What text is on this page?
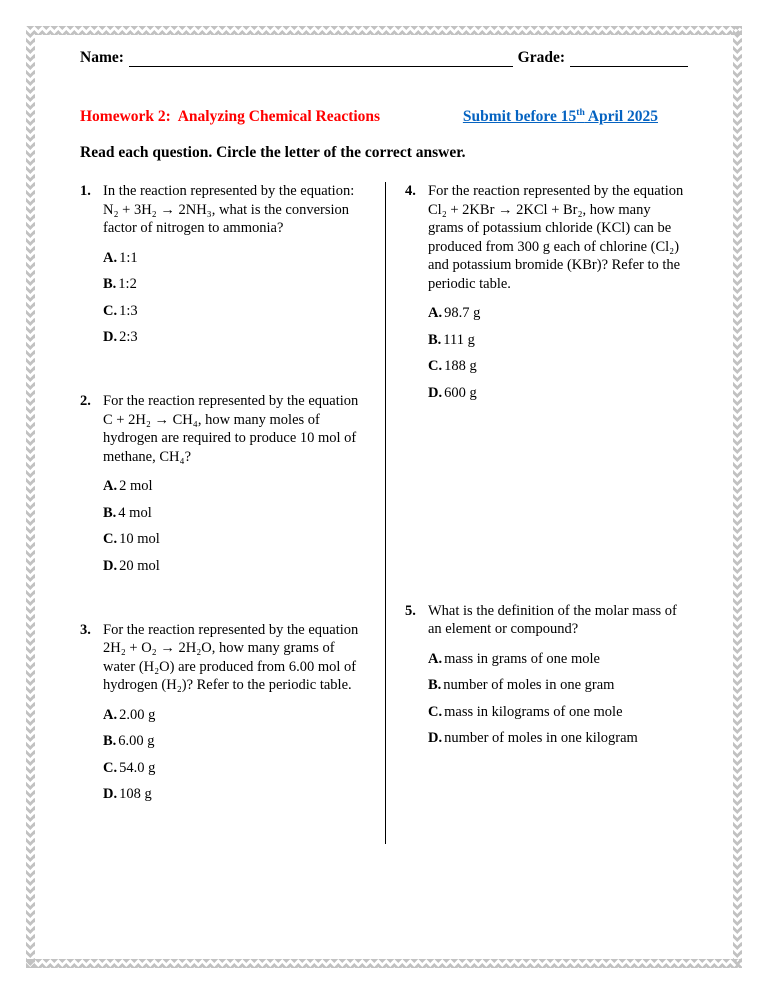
Name:	Grade:
Homework 2:  Analyzing Chemical Reactions	Submit before 15th April 2025
Read each question. Circle the letter of the correct answer.
1. In the reaction represented by the equation: N₂ + 3H₂ → 2NH₃, what is the conversion factor of nitrogen to ammonia?
A. 1:1
B. 1:2
C. 1:3
D. 2:3
2. For the reaction represented by the equation C + 2H₂ → CH₄, how many moles of hydrogen are required to produce 10 mol of methane, CH₄?
A. 2 mol
B. 4 mol
C. 10 mol
D. 20 mol
3. For the reaction represented by the equation 2H₂ + O₂ → 2H₂O, how many grams of water (H₂O) are produced from 6.00 mol of hydrogen (H₂)? Refer to the periodic table.
A. 2.00 g
B. 6.00 g
C. 54.0 g
D. 108 g
4. For the reaction represented by the equation Cl₂ + 2KBr → 2KCl + Br₂, how many grams of potassium chloride (KCl) can be produced from 300 g each of chlorine (Cl₂) and potassium bromide (KBr)? Refer to the periodic table.
A. 98.7 g
B. 111 g
C. 188 g
D. 600 g
5. What is the definition of the molar mass of an element or compound?
A. mass in grams of one mole
B. number of moles in one gram
C. mass in kilograms of one mole
D. number of moles in one kilogram
